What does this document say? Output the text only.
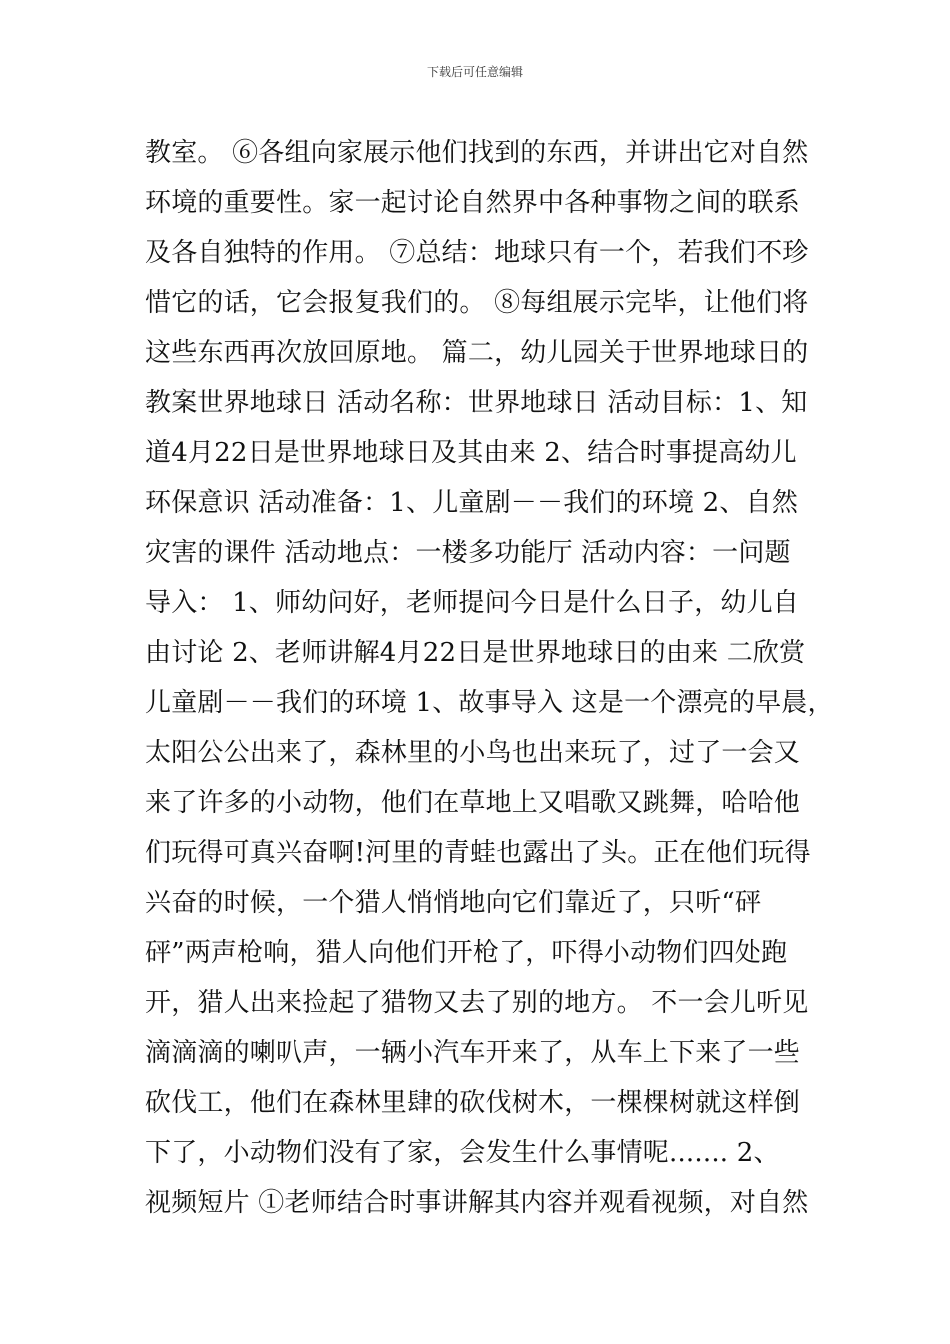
下载后可任意编辑
教室。 ⑥各组向家展示他们找到的东西，并讲出它对自然
环境的重要性。家一起讨论自然界中各种事物之间的联系
及各自独特的作用。 ⑦总结：地球只有一个，若我们不珍
惜它的话，它会报复我们的。 ⑧每组展示完毕，让他们将
这些东西再次放回原地。 篇二，幼儿园关于世界地球日的
教案世界地球日 活动名称：世界地球日 活动目标：1、知
道4月22日是世界地球日及其由来 2、结合时事提高幼儿
环保意识 活动准备：1、儿童剧－－我们的环境 2、自然
灾害的课件 活动地点：一楼多功能厅 活动内容：一问题
导入： 1、师幼问好，老师提问今日是什么日子，幼儿自
由讨论 2、老师讲解4月22日是世界地球日的由来 二欣赏
儿童剧－－我们的环境 1、故事导入 这是一个漂亮的早晨，
太阳公公出来了，森林里的小鸟也出来玩了，过了一会又
来了许多的小动物，他们在草地上又唱歌又跳舞，哈哈他
们玩得可真兴奋啊!河里的青蛙也露出了头。正在他们玩得
兴奋的时候，一个猎人悄悄地向它们靠近了，只听“砰
砰”两声枪响，猎人向他们开枪了，吓得小动物们四处跑
开，猎人出来捡起了猎物又去了别的地方。 不一会儿听见
滴滴滴的喇叭声，一辆小汽车开来了，从车上下来了一些
砍伐工，他们在森林里肆的砍伐树木，一棵棵树就这样倒
下了，小动物们没有了家，会发生什么事情呢....... 2、
视频短片 ①老师结合时事讲解其内容并观看视频，对自然
